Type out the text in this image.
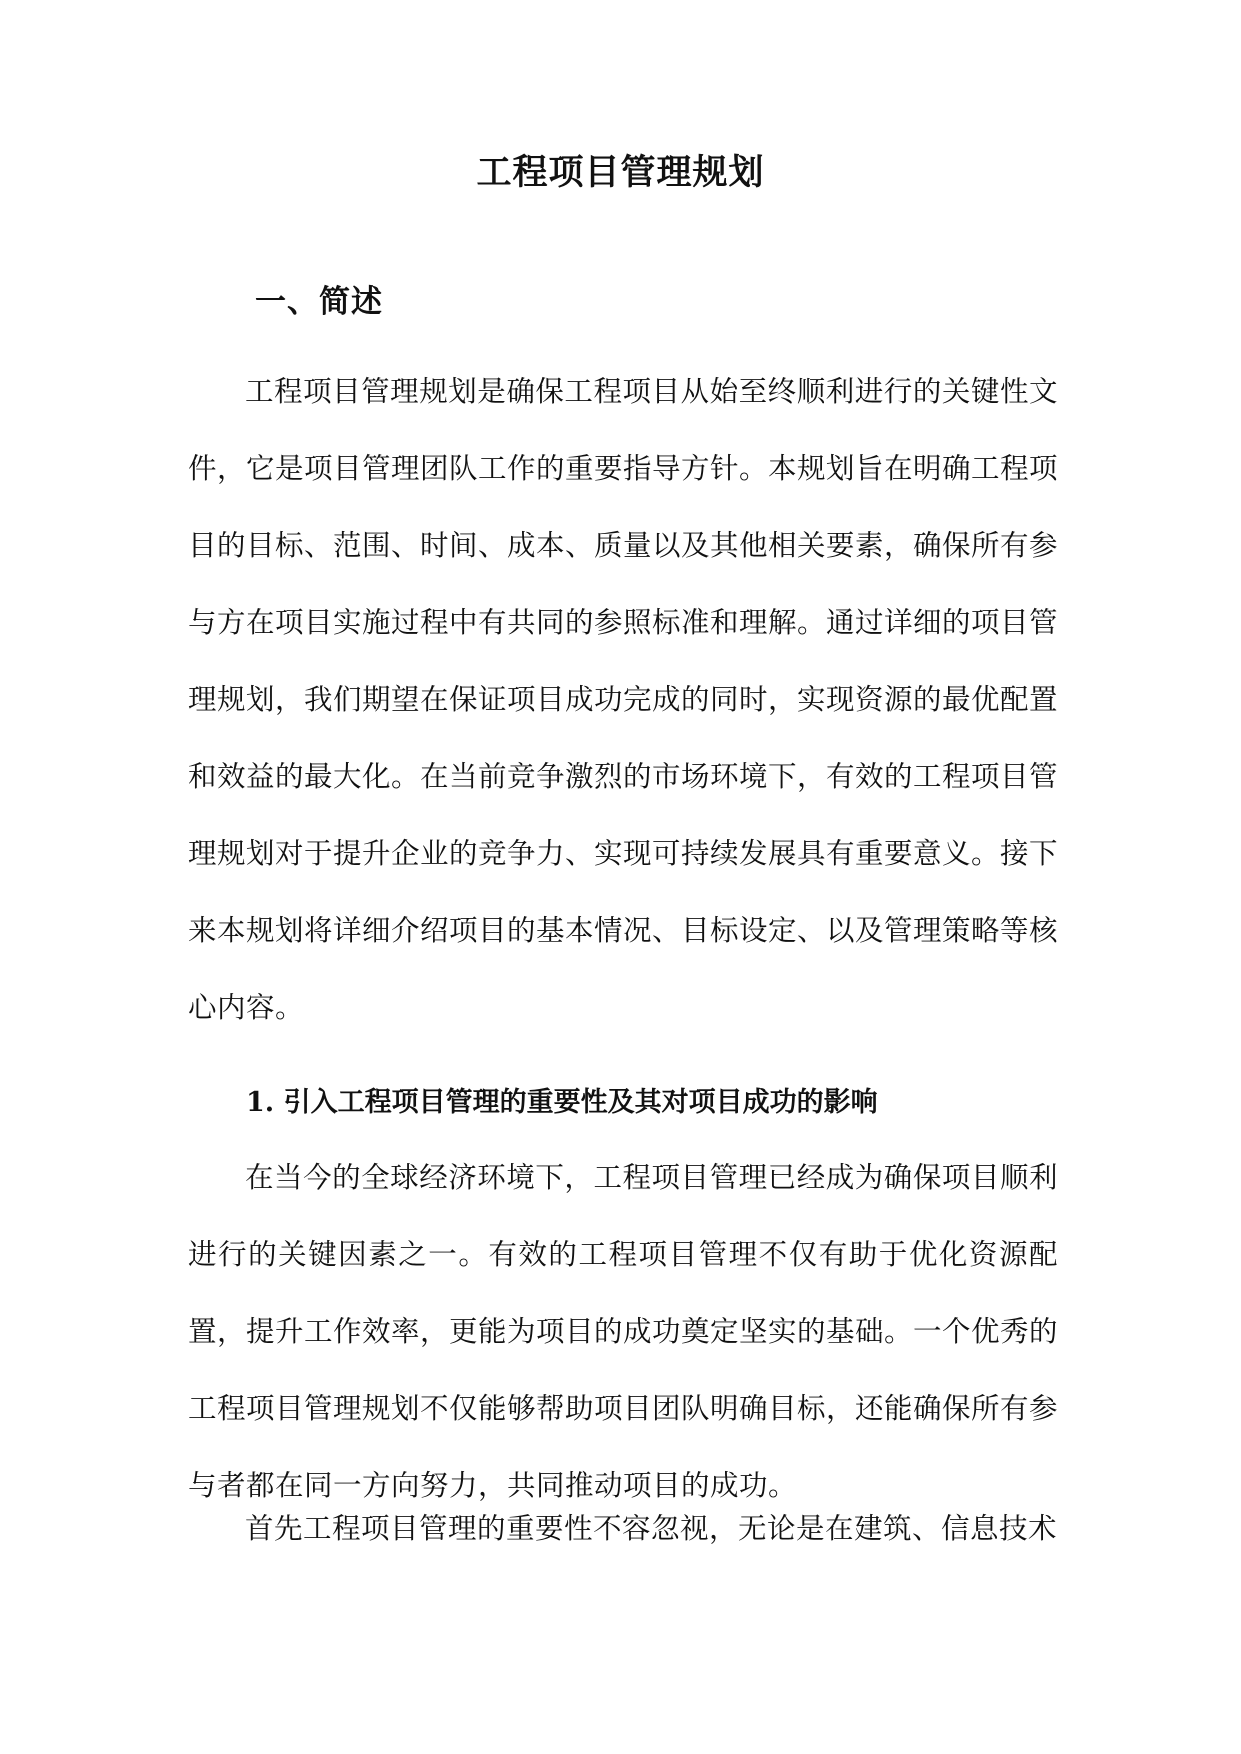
工程项目管理规划
一、简述

工程项目管理规划是确保工程项目从始至终顺利进行的关键性文件，它是项目管理团队工作的重要指导方针。本规划旨在明确工程项目的目标、范围、时间、成本、质量以及其他相关要素，确保所有参与方在项目实施过程中有共同的参照标准和理解。通过详细的项目管理规划，我们期望在保证项目成功完成的同时，实现资源的最优配置和效益的最大化。在当前竞争激烈的市场环境下，有效的工程项目管理规划对于提升企业的竞争力、实现可持续发展具有重要意义。接下来本规划将详细介绍项目的基本情况、目标设定、以及管理策略等核心内容。

1. 引入工程项目管理的重要性及其对项目成功的影响

在当今的全球经济环境下，工程项目管理已经成为确保项目顺利进行的关键因素之一。有效的工程项目管理不仅有助于优化资源配置，提升工作效率，更能为项目的成功奠定坚实的基础。一个优秀的工程项目管理规划不仅能够帮助项目团队明确目标，还能确保所有参与者都在同一方向努力，共同推动项目的成功。

首先工程项目管理的重要性不容忽视，无论是在建筑、信息技术
